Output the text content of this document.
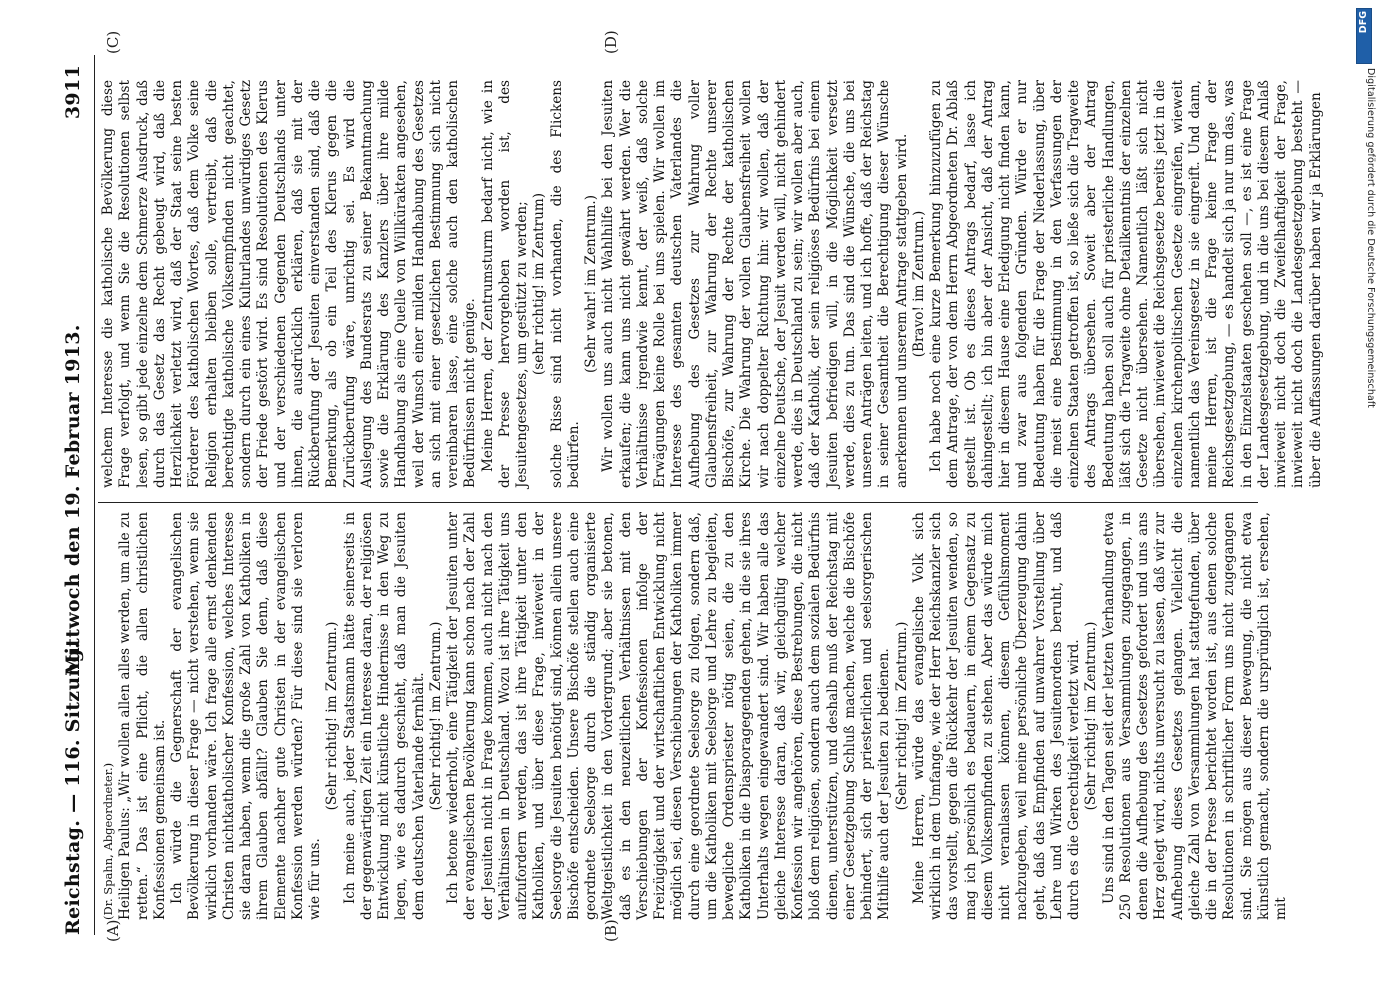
Reichstag. — 116. Sitzung.
Mittwoch den 19. Februar 1913.
3911
(A)	(B)
(C)	(D)

(Dr. Spahn, Abgeordneter.) Heiligen Paulus: „Wir wollen allen alles werden, um alle zu retten.“ Das ist eine Pflicht, die allen christlichen Konfessionen gemeinsam ist. Ich würde die Gegnerschaft der evangelischen Bevölkerung in dieser Frage — nicht verstehen, wenn sie wirklich vorhanden wäre. Ich frage alle ernst denkenden Christen nichtkatholischer Konfession, welches Interesse sie daran haben, wenn die große Zahl von Katholiken in ihrem Glauben abfällt? Glauben Sie denn, daß diese Elemente nachher gute Christen in der evangelischen Konfession werden würden? Für diese sind sie verloren wie für uns.

(Sehr richtig! im Zentrum.) Ich meine auch, jeder Staatsmann hätte seinerseits in der gegenwärtigen Zeit ein Interesse daran, der religiösen Entwicklung nicht künstliche Hindernisse in den Weg zu legen, wie es dadurch geschieht, daß man die Jesuiten dem deutschen Vaterlande fernhält. (Sehr richtig! im Zentrum.) Ich betone wiederholt, eine Tätigkeit der Jesuiten unter der evangelischen Bevölkerung kann schon nach der Zahl der Jesuiten nicht in Frage kommen, auch nicht nach den Verhältnissen in Deutschland. Wozu ist ihre Tätigkeit uns aufzufordern werden, das ist ihre Tätigkeit unter den Katholiken, und über diese Frage, inwieweit in der Seelsorge die Jesuiten benötigt sind, können allein unsere Bischöfe entscheiden. Unsere Bischöfe stellen auch eine geordnete Seelsorge durch die ständig organisierte Weltgeistlichkeit in den Vordergrund; aber sie betonen, daß es in den neuzeitlichen Verhältnissen mit den Verschiebungen der Konfessionen infolge der Freizügigkeit und der wirtschaftlichen Entwicklung nicht möglich sei, diesen Verschiebungen der Katholiken immer durch eine geordnete Seelsorge zu folgen, sondern daß, um die Katholiken mit Seelsorge und Lehre zu begleiten, bewegliche Ordenspriester nötig seien, die zu den Katholiken in die Diasporagegenden gehen, in die sie ihres Unterhalts wegen eingewandert sind. Wir haben alle das gleiche Interesse daran, daß wir, gleichgültig welcher Konfession wir angehören, diese Bestrebungen, die nicht bloß dem religiösen, sondern auch dem sozialen Bedürfnis dienen, unterstützen, und deshalb muß der Reichstag mit einer Gesetzgebung Schluß machen, welche die Bischöfe behindert, sich der priesterlichen und seelsorgerischen Mithilfe auch der Jesuiten zu bedienen. (Sehr richtig! im Zentrum.) Meine Herren, würde das evangelische Volk sich wirklich in dem Umfange, wie der Herr Reichskanzler sich das vorstellt, gegen die Rückkehr der Jesuiten wenden, so mag ich persönlich es bedauern, in einem Gegensatz zu diesem Volksempfinden zu stehen. Aber das würde mich nicht veranlassen können, diesem Gefühlsmoment nachzugeben, weil meine persönliche Überzeugung dahin geht, daß das Empfinden auf unwahrer Vorstellung über Lehre und Wirken des Jesuitenordens beruht, und daß durch es die Gerechtigkeit verletzt wird. (Sehr richtig! im Zentrum.) Uns sind in den Tagen seit der letzten Verhandlung etwa 250 Resolutionen aus Versammlungen zugegangen, in denen die Aufhebung des Gesetzes gefordert und uns ans Herz gelegt wird, nichts unversucht zu lassen, daß wir zur Aufhebung dieses Gesetzes gelangen. Vielleicht die gleiche Zahl von Versammlungen hat stattgefunden, über die in der Presse berichtet worden ist, aus denen solche Resolutionen in schriftlicher Form uns nicht zugegangen sind. Sie mögen aus dieser Bewegung, die nicht etwa künstlich gemacht, sondern die ursprünglich ist, ersehen, mit

welchem Interesse die katholische Bevölkerung diese Frage verfolgt, und wenn Sie die Resolutionen selbst lesen, so gibt jede einzelne dem Schmerze Ausdruck, daß durch das Gesetz das Recht gebeugt wird, daß die Herzlichkeit verletzt wird, daß der Staat seine besten Förderer des katholischen Wortes, daß dem Volke seine Religion erhalten bleiben solle, vertreibt, daß die berechtigte katholische Volksempfinden nicht geachtet, sondern durch ein eines Kulturlandes unwürdiges Gesetz der Friede gestört wird. Es sind Resolutionen des Klerus und der verschiedenen Gegenden Deutschlands unter ihnen, die ausdrücklich erklären, daß sie mit der Rückberufung der Jesuiten einverstanden sind, daß die Bemerkung, als ob ein Teil des Klerus gegen die Zurückberufung wäre, unrichtig sei. Es wird die Auslegung des Bundesrats zu seiner Bekanntmachung sowie die Erklärung des Kanzlers über ihre milde Handhabung als eine Quelle von Willkürakten angesehen, weil der Wunsch einer milden Handhabung des Gesetzes an sich mit einer gesetzlichen Bestimmung sich nicht vereinbaren lasse, eine solche auch den katholischen Bedürfnissen nicht genüge. Meine Herren, der Zentrumsturm bedarf nicht, wie in der Presse hervorgehoben worden ist, des Jesuitengesetzes, um gestützt zu werden; (sehr richtig! im Zentrum) solche Risse sind nicht vorhanden, die des Flickens bedürfen.

(Sehr wahr! im Zentrum.) Wir wollen uns auch nicht Wahlhilfe bei den Jesuiten erkaufen; die kann uns nicht gewährt werden. Wer die Verhältnisse irgendwie kennt, der weiß, daß solche Erwägungen keine Rolle bei uns spielen. Wir wollen im Interesse des gesamten deutschen Vaterlandes die Aufhebung des Gesetzes zur Wahrung voller Glaubensfreiheit, zur Wahrung der Rechte unserer Bischöfe, zur Wahrung der Rechte der katholischen Kirche. Die Wahrung der vollen Glaubensfreiheit wollen wir nach doppelter Richtung hin: wir wollen, daß der einzelne Deutsche, der Jesuit werden will, nicht gehindert werde, dies in Deutschland zu sein; wir wollen aber auch, daß der Katholik, der sein religiöses Bedürfnis bei einem Jesuiten befriedigen will, in die Möglichkeit versetzt werde, dies zu tun. Das sind die Wünsche, die uns bei unseren Anträgen leiten, und ich hoffe, daß der Reichstag in seiner Gesamtheit die Berechtigung dieser Wünsche anerkennen und unserem Antrage stattgeben wird. (Bravo! im Zentrum.) Ich habe noch eine kurze Bemerkung hinzuzufügen zu dem Antrage, der von dem Herrn Abgeordneten Dr. Ablaß gestellt ist. Ob es dieses Antrags bedarf, lasse ich dahingestellt; ich bin aber der Ansicht, daß der Antrag hier in diesem Hause eine Erledigung nicht finden kann, und zwar aus folgenden Gründen. Würde er nur Bedeutung haben für die Frage der Niederlassung, über die meist eine Bestimmung in den Verfassungen der einzelnen Staaten getroffen ist, so ließe sich die Tragweite des Antrags übersehen. Soweit aber der Antrag Bedeutung haben soll auch für priesterliche Handlungen, läßt sich die Tragweite ohne Detailkenntnis der einzelnen Gesetze nicht übersehen. Namentlich läßt sich nicht übersehen, inwieweit die Reichsgesetze bereits jetzt in die einzelnen kirchenpolitischen Gesetze eingreifen, wieweit namentlich das Vereinsgesetz in sie eingreift. Und dann, meine Herren, ist die Frage keine Frage der Reichsgesetzgebung, — es handelt sich ja nur um das, was in den Einzelstaaten geschehen soll —, es ist eine Frage der Landesgesetzgebung, und in die uns bei diesem Anlaß inwieweit nicht doch die Zweifelhaftigkeit der Frage, inwieweit nicht doch die Landesgesetzgebung besteht — über die Auffassungen darüber haben wir ja Erklärungen

DFG
Digitalisierung gefördert durch die Deutsche Forschungsgemeinschaft
